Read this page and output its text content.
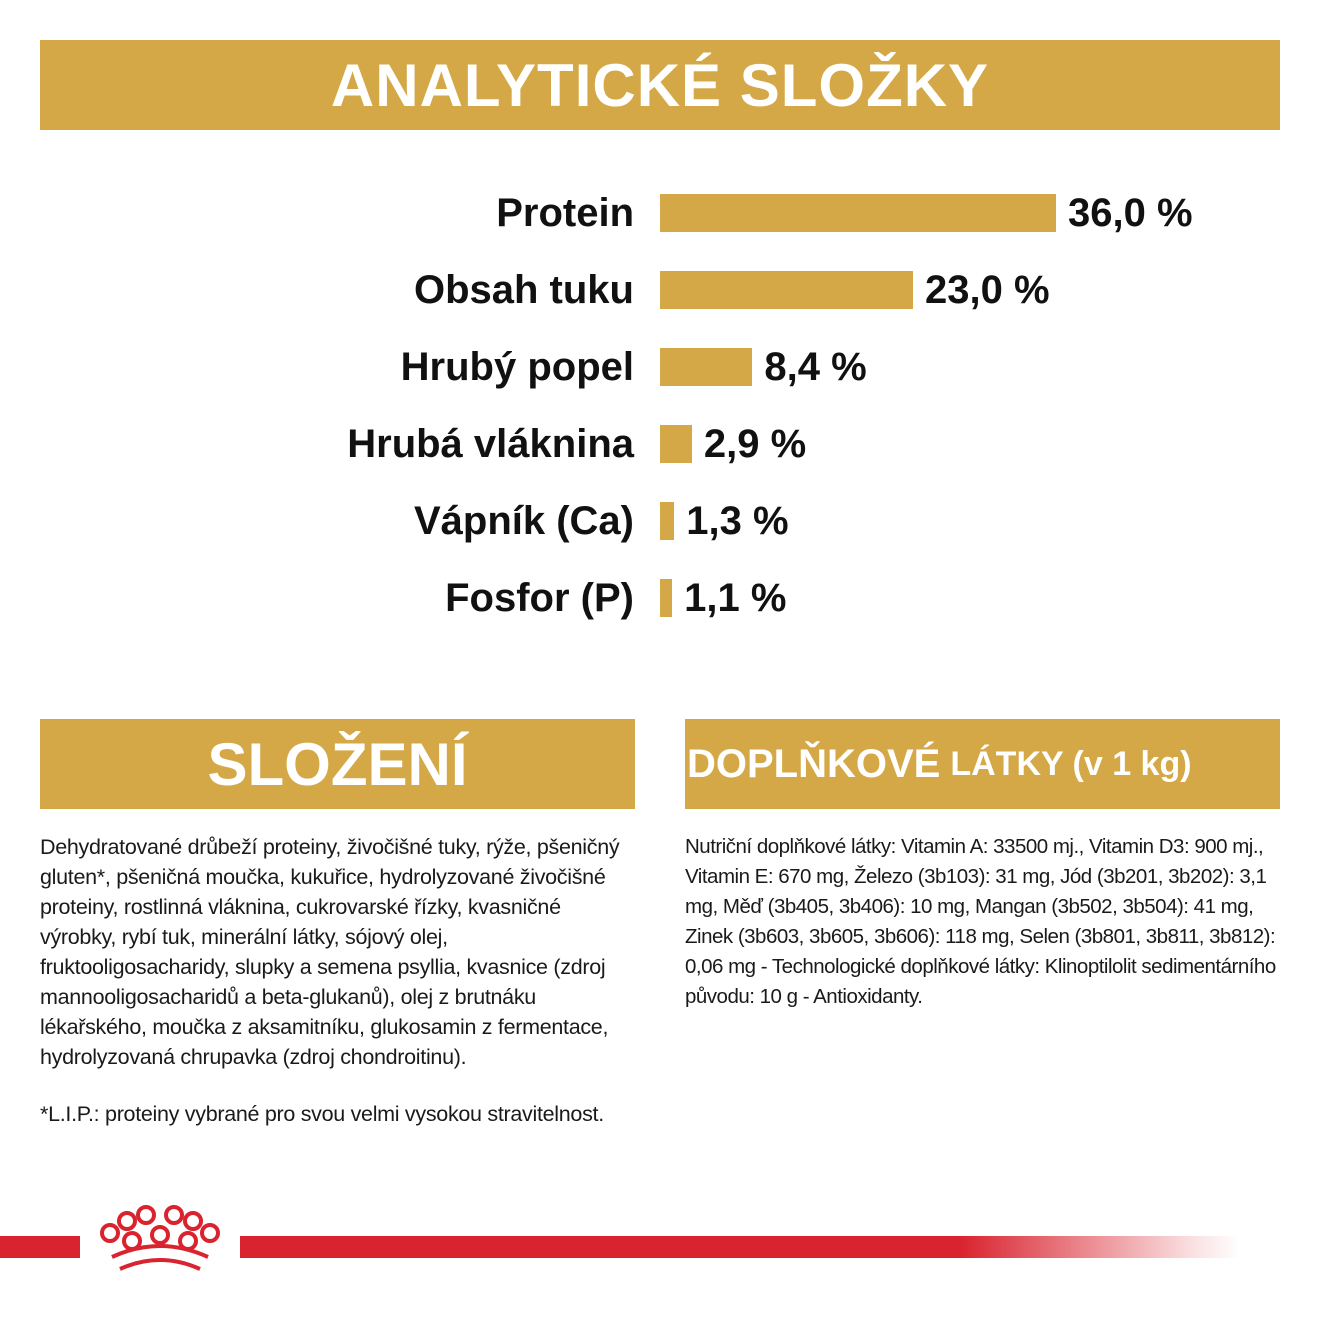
ANALYTICKÉ SLOŽKY
Protein	36,0 %
Obsah tuku	23,0 %
Hrubý popel	8,4 %
Hrubá vláknina 2,9 %
Vápník (Ca) 1,3 %
Fosfor (P) 1,1 %
SLOŽENÍ	DOPLŇKOVÉ LÁTKY (v 1 kg)

Dehydratované drůbeží proteiny, živočišné tuky, rýže, pšeničný gluten*, pšeničná moučka, kukuřice, hydrolyzované živočišné proteiny, rostlinná vláknina, cukrovarské řízky, kvasničné výrobky, rybí tuk, minerální látky, sójový olej, fruktooligosacharidy, slupky a semena psyllia, kvasnice (zdroj mannooligosacharidů a beta-glukanů), olej z brutnáku lékařského, moučka z aksamitníku, glukosamin z fermentace, hydrolyzovaná chrupavka (zdroj chondroitinu).

*L.I.P.: proteiny vybrané pro svou velmi vysokou stravitelnost.

Nutriční doplňkové látky: Vitamin A: 33500 mj., Vitamin D3: 900 mj., Vitamin E: 670 mg, Železo (3b103): 31 mg, Jód (3b201, 3b202): 3,1 mg, Měď (3b405, 3b406): 10 mg, Mangan (3b502, 3b504): 41 mg, Zinek (3b603, 3b605, 3b606): 118 mg, Selen (3b801, 3b811, 3b812): 0,06 mg - Technologické doplňkové látky: Klinoptilolit sedimentárního původu: 10 g - Antioxidanty.
